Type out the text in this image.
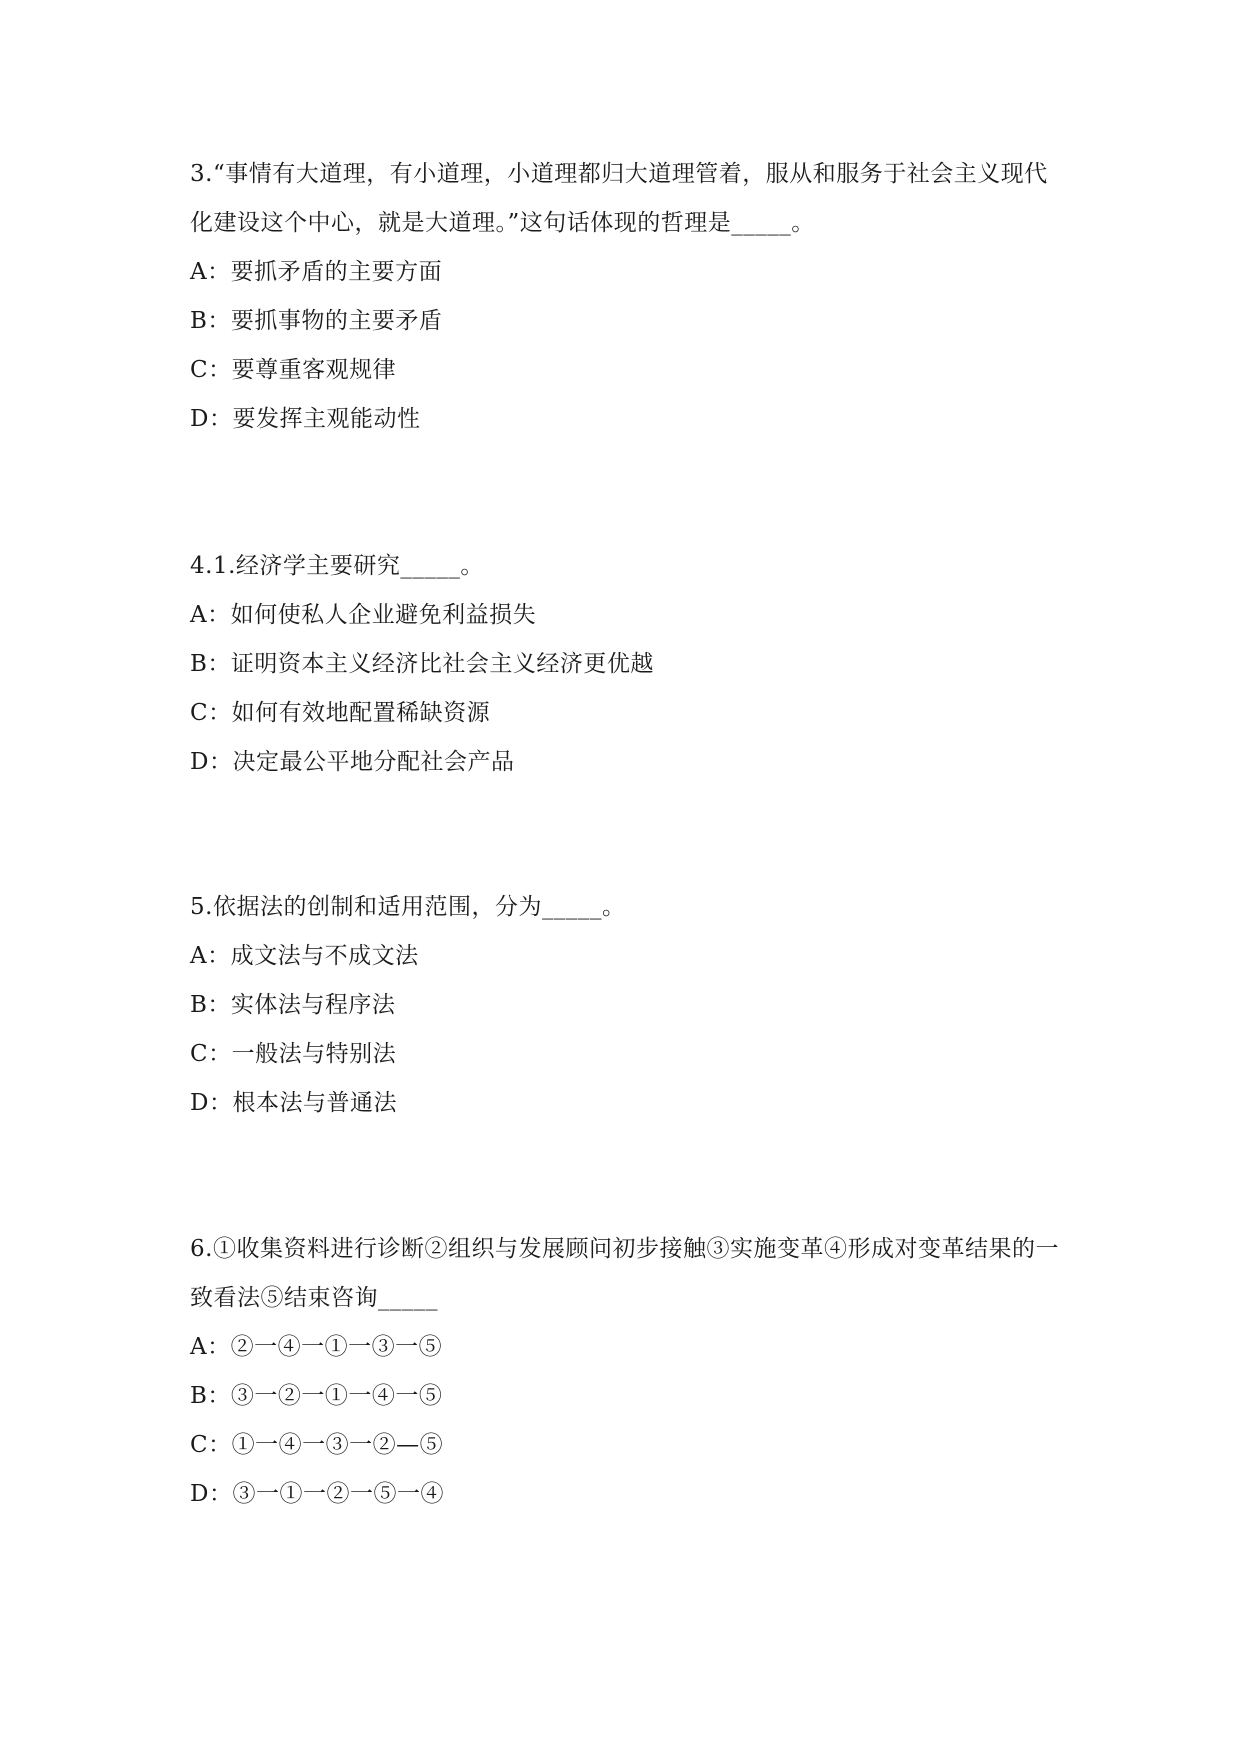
3.“事情有大道理，有小道理，小道理都归大道理管着，服从和服务于社会主义现代化建设这个中心，就是大道理。”这句话体现的哲理是_____。

A：要抓矛盾的主要方面

B：要抓事物的主要矛盾

C：要尊重客观规律

D：要发挥主观能动性

4.1.经济学主要研究_____。

A：如何使私人企业避免利益损失

B：证明资本主义经济比社会主义经济更优越

C：如何有效地配置稀缺资源

D：决定最公平地分配社会产品

5.依据法的创制和适用范围，分为_____。

A：成文法与不成文法

B：实体法与程序法

C：一般法与特别法

D：根本法与普通法

6.①收集资料进行诊断②组织与发展顾问初步接触③实施变革④形成对变革结果的一致看法⑤结束咨询_____

A：②一④一①一③一⑤

B：③一②一①一④一⑤

C：①一④一③一②—⑤

D：③一①一②一⑤一④
